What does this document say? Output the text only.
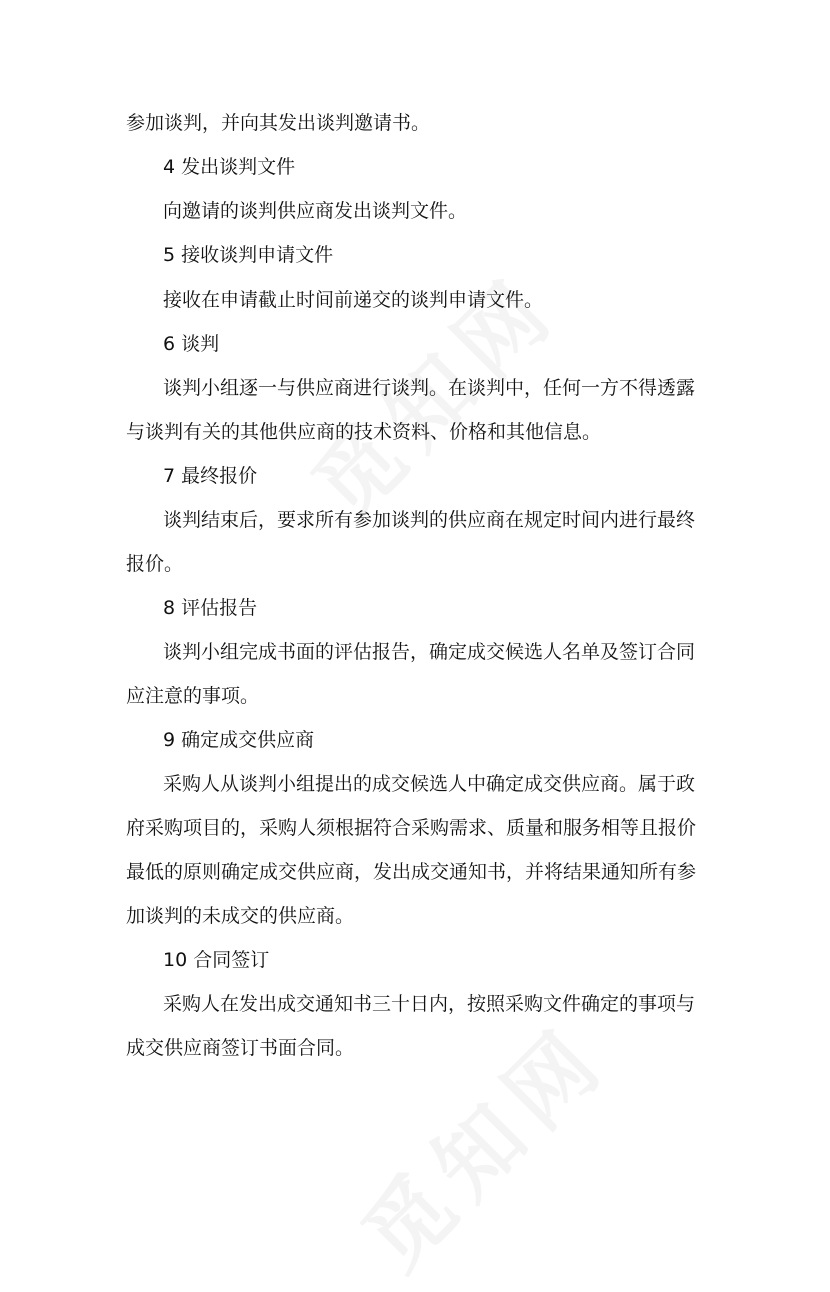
参加谈判，并向其发出谈判邀请书。

4 发出谈判文件

向邀请的谈判供应商发出谈判文件。

5 接收谈判申请文件

接收在申请截止时间前递交的谈判申请文件。

6 谈判

谈判小组逐一与供应商进行谈判。在谈判中，任何一方不得透露

与谈判有关的其他供应商的技术资料、价格和其他信息。

7 最终报价

谈判结束后，要求所有参加谈判的供应商在规定时间内进行最终

报价。

8 评估报告

谈判小组完成书面的评估报告，确定成交候选人名单及签订合同

应注意的事项。

9 确定成交供应商

采购人从谈判小组提出的成交候选人中确定成交供应商。属于政

府采购项目的，采购人须根据符合采购需求、质量和服务相等且报价

最低的原则确定成交供应商，发出成交通知书，并将结果通知所有参

加谈判的未成交的供应商。

10 合同签订

采购人在发出成交通知书三十日内，按照采购文件确定的事项与

成交供应商签订书面合同。
